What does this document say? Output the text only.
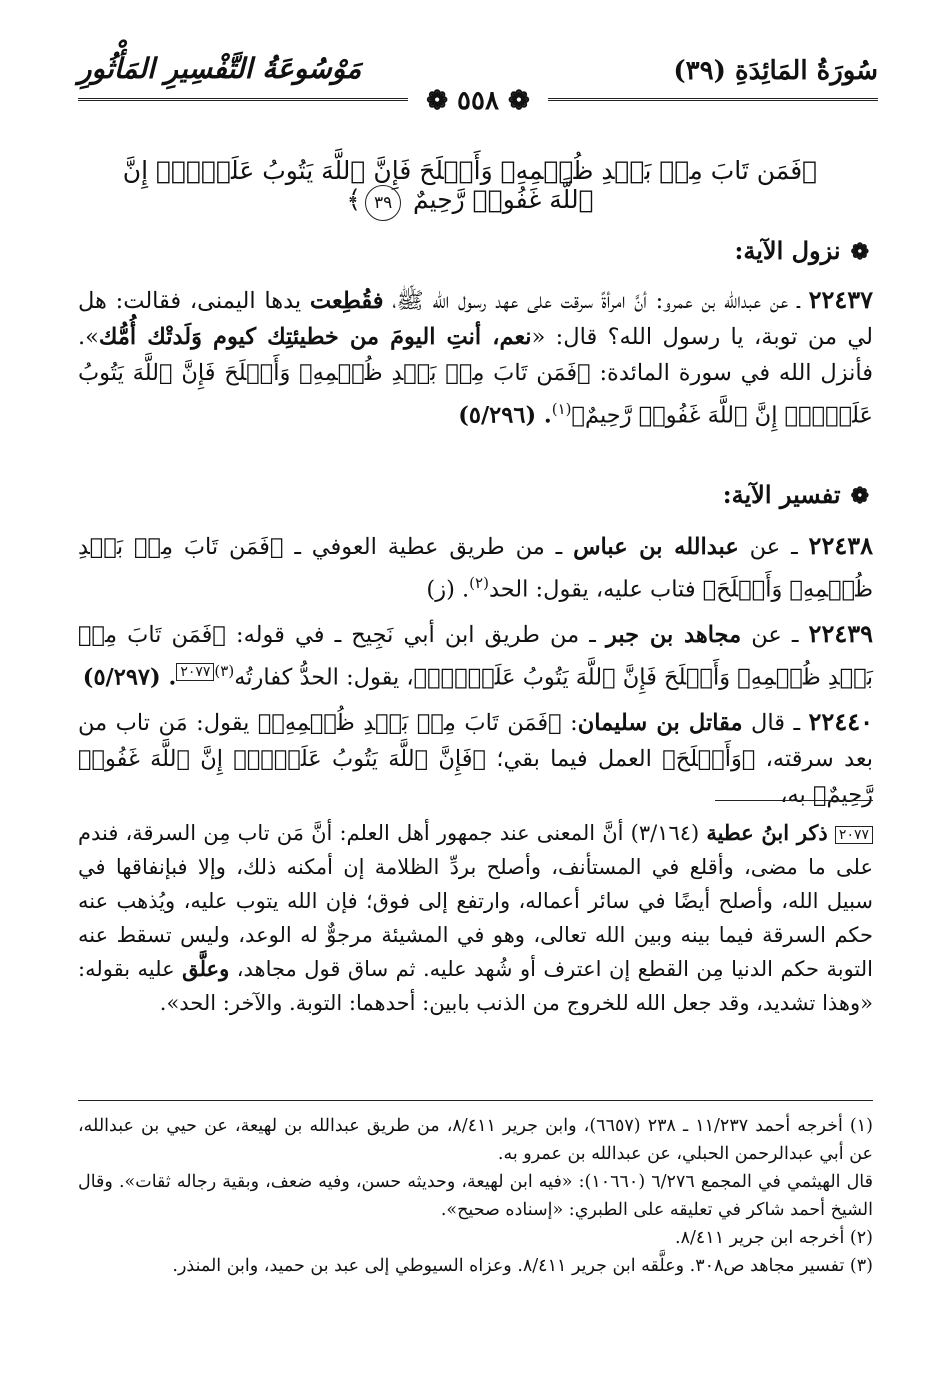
سُورَةُ المَائِدَةِ (٣٩)
مَوْسُوعَةُ التَّفْسِيرِ المَأْثُورِ
❁ ٥٥٨ ❁
﴿فَمَن تَابَ مِنۢ بَعۡدِ ظُلۡمِهِۦ وَأَصۡلَحَ فَإِنَّ ٱللَّهَ يَتُوبُ عَلَيۡهِۚ إِنَّ ٱللَّهَ غَفُورٞ رَّحِيمٌ ٣٩﴾
❁نزول الآية:
٢٢٤٣٧ ـ عن عبدالله بن عمرو: أنَّ امرأةً سرقت على عهد رسول الله ﷺ، فقُطِعت يدها اليمنى، فقالت: هل لي من توبة، يا رسول الله؟ قال: «نعم، أنتِ اليومَ من خطيئتِك كيوم وَلَدتْك أُمُّك». فأنزل الله في سورة المائدة: ﴿فَمَن تَابَ مِنۢ بَعۡدِ ظُلۡمِهِۦ وَأَصۡلَحَ فَإِنَّ ٱللَّهَ يَتُوبُ عَلَيۡهِۚ إِنَّ ٱللَّهَ غَفُورٞ رَّحِيمٌ﴾$^{(١)}$. (٥/٢٩٦)
❁تفسير الآية:
٢٢٤٣٨ ـ عن عبدالله بن عباس ـ من طريق عطية العوفي ـ ﴿فَمَن تَابَ مِنۢ بَعۡدِ ظُلۡمِهِۦ وَأَصۡلَحَ﴾ فتاب عليه، يقول: الحد$^{(٢)}$. (ز)
٢٢٤٣٩ ـ عن مجاهد بن جبر ـ من طريق ابن أبي نَجِيح ـ في قوله: ﴿فَمَن تَابَ مِنۢ بَعۡدِ ظُلۡمِهِۦ وَأَصۡلَحَ فَإِنَّ ٱللَّهَ يَتُوبُ عَلَيۡهِۗ﴾، يقول: الحدُّ كفارتُه$^{(٣)}$٢٠٧٧. (٥/٢٩٧)
٢٢٤٤٠ ـ قال مقاتل بن سليمان: ﴿فَمَن تَابَ مِنۢ بَعۡدِ ظُلۡمِهِۦ﴾ يقول: مَن تاب من بعد سرقته، ﴿وَأَصۡلَحَ﴾ العمل فيما بقي؛ ﴿فَإِنَّ ٱللَّهَ يَتُوبُ عَلَيۡهِۚ إِنَّ ٱللَّهَ غَفُورٞ رَّحِيمٌ﴾ به،
٢٠٧٧ ذكر ابنُ عطية (٣/١٦٤) أنَّ المعنى عند جمهور أهل العلم: أنَّ مَن تاب مِن السرقة، فندم على ما مضى، وأقلع في المستأنف، وأصلح بردِّ الظلامة إن أمكنه ذلك، وإلا فبإنفاقها في سبيل الله، وأصلح أيضًا في سائر أعماله، وارتفع إلى فوق؛ فإن الله يتوب عليه، ويُذهب عنه حكم السرقة فيما بينه وبين الله تعالى، وهو في المشيئة مرجوٌّ له الوعد، وليس تسقط عنه التوبة حكم الدنيا مِن القطع إن اعترف أو شُهد عليه. ثم ساق قول مجاهد، وعلَّق عليه بقوله: «وهذا تشديد، وقد جعل الله للخروج من الذنب بابين: أحدهما: التوبة. والآخر: الحد».

(١) أخرجه أحمد ١١/٢٣٧ ـ ٢٣٨ (٦٦٥٧)، وابن جرير ٨/٤١١، من طريق عبدالله بن لهيعة، عن حيي بن عبدالله، عن أبي عبدالرحمن الحبلي، عن عبدالله بن عمرو به.

قال الهيثمي في المجمع ٦/٢٧٦ (١٠٦٦٠): «فيه ابن لهيعة، وحديثه حسن، وفيه ضعف، وبقية رجاله ثقات». وقال الشيخ أحمد شاكر في تعليقه على الطبري: «إسناده صحيح».

(٢) أخرجه ابن جرير ٨/٤١١.

(٣) تفسير مجاهد ص٣٠٨. وعلَّقه ابن جرير ٨/٤١١. وعزاه السيوطي إلى عبد بن حميد، وابن المنذر.
